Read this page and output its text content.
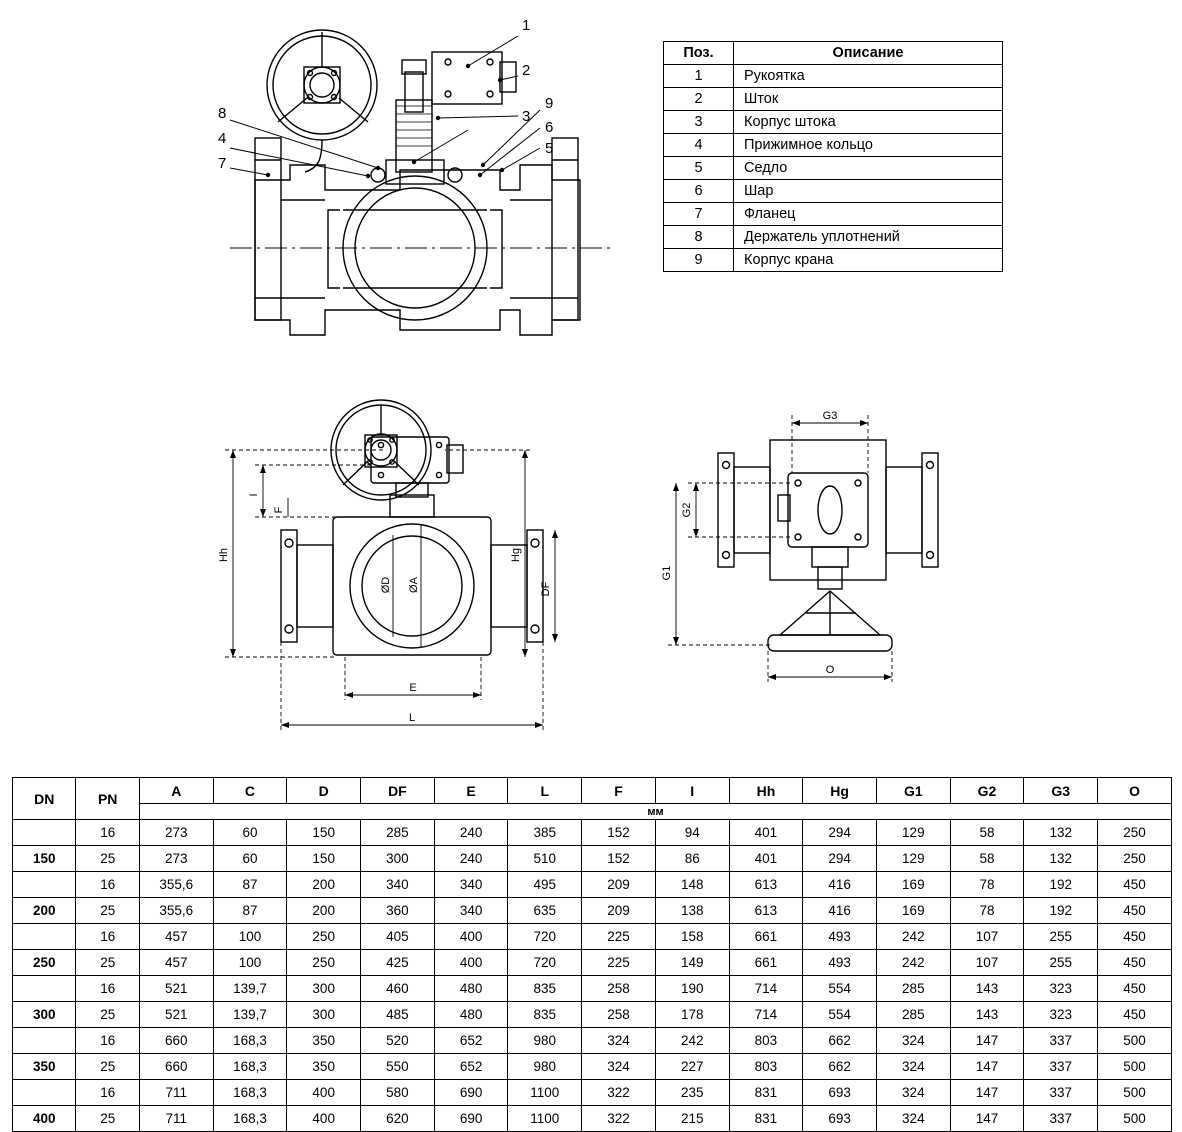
1
2
3
4
5
6
7
8
9
Hh
I
F
Hg
ØD ØA	DF
E
L
G3
G2
G1
O
Поз.	Описание
1	Рукоятка
2	Шток
3	Корпус штока
4	Прижимное кольцо
5	Седло
6	Шар
7	Фланец
8	Держатель уплотнений
9	Корпус крана
DN	PN	A	C	D	DF	E	L	F	I	Hh	Hg	G1	G2	G3	O
		мм													
	16	273	60	150	285	240	385	152	94	401	294	129	58	132	250
150	25	273	60	150	300	240	510	152	86	401	294	129	58	132	250
	16	355,6	87	200	340	340	495	209	148	613	416	169	78	192	450
200	25	355,6	87	200	360	340	635	209	138	613	416	169	78	192	450
	16	457	100	250	405	400	720	225	158	661	493	242	107	255	450
250	25	457	100	250	425	400	720	225	149	661	493	242	107	255	450
	16	521	139,7	300	460	480	835	258	190	714	554	285	143	323	450
300	25	521	139,7	300	485	480	835	258	178	714	554	285	143	323	450
	16	660	168,3	350	520	652	980	324	242	803	662	324	147	337	500
350	25	660	168,3	350	550	652	980	324	227	803	662	324	147	337	500
	16	711	168,3	400	580	690	1100	322	235	831	693	324	147	337	500
400	25	711	168,3	400	620	690	1100	322	215	831	693	324	147	337	500
